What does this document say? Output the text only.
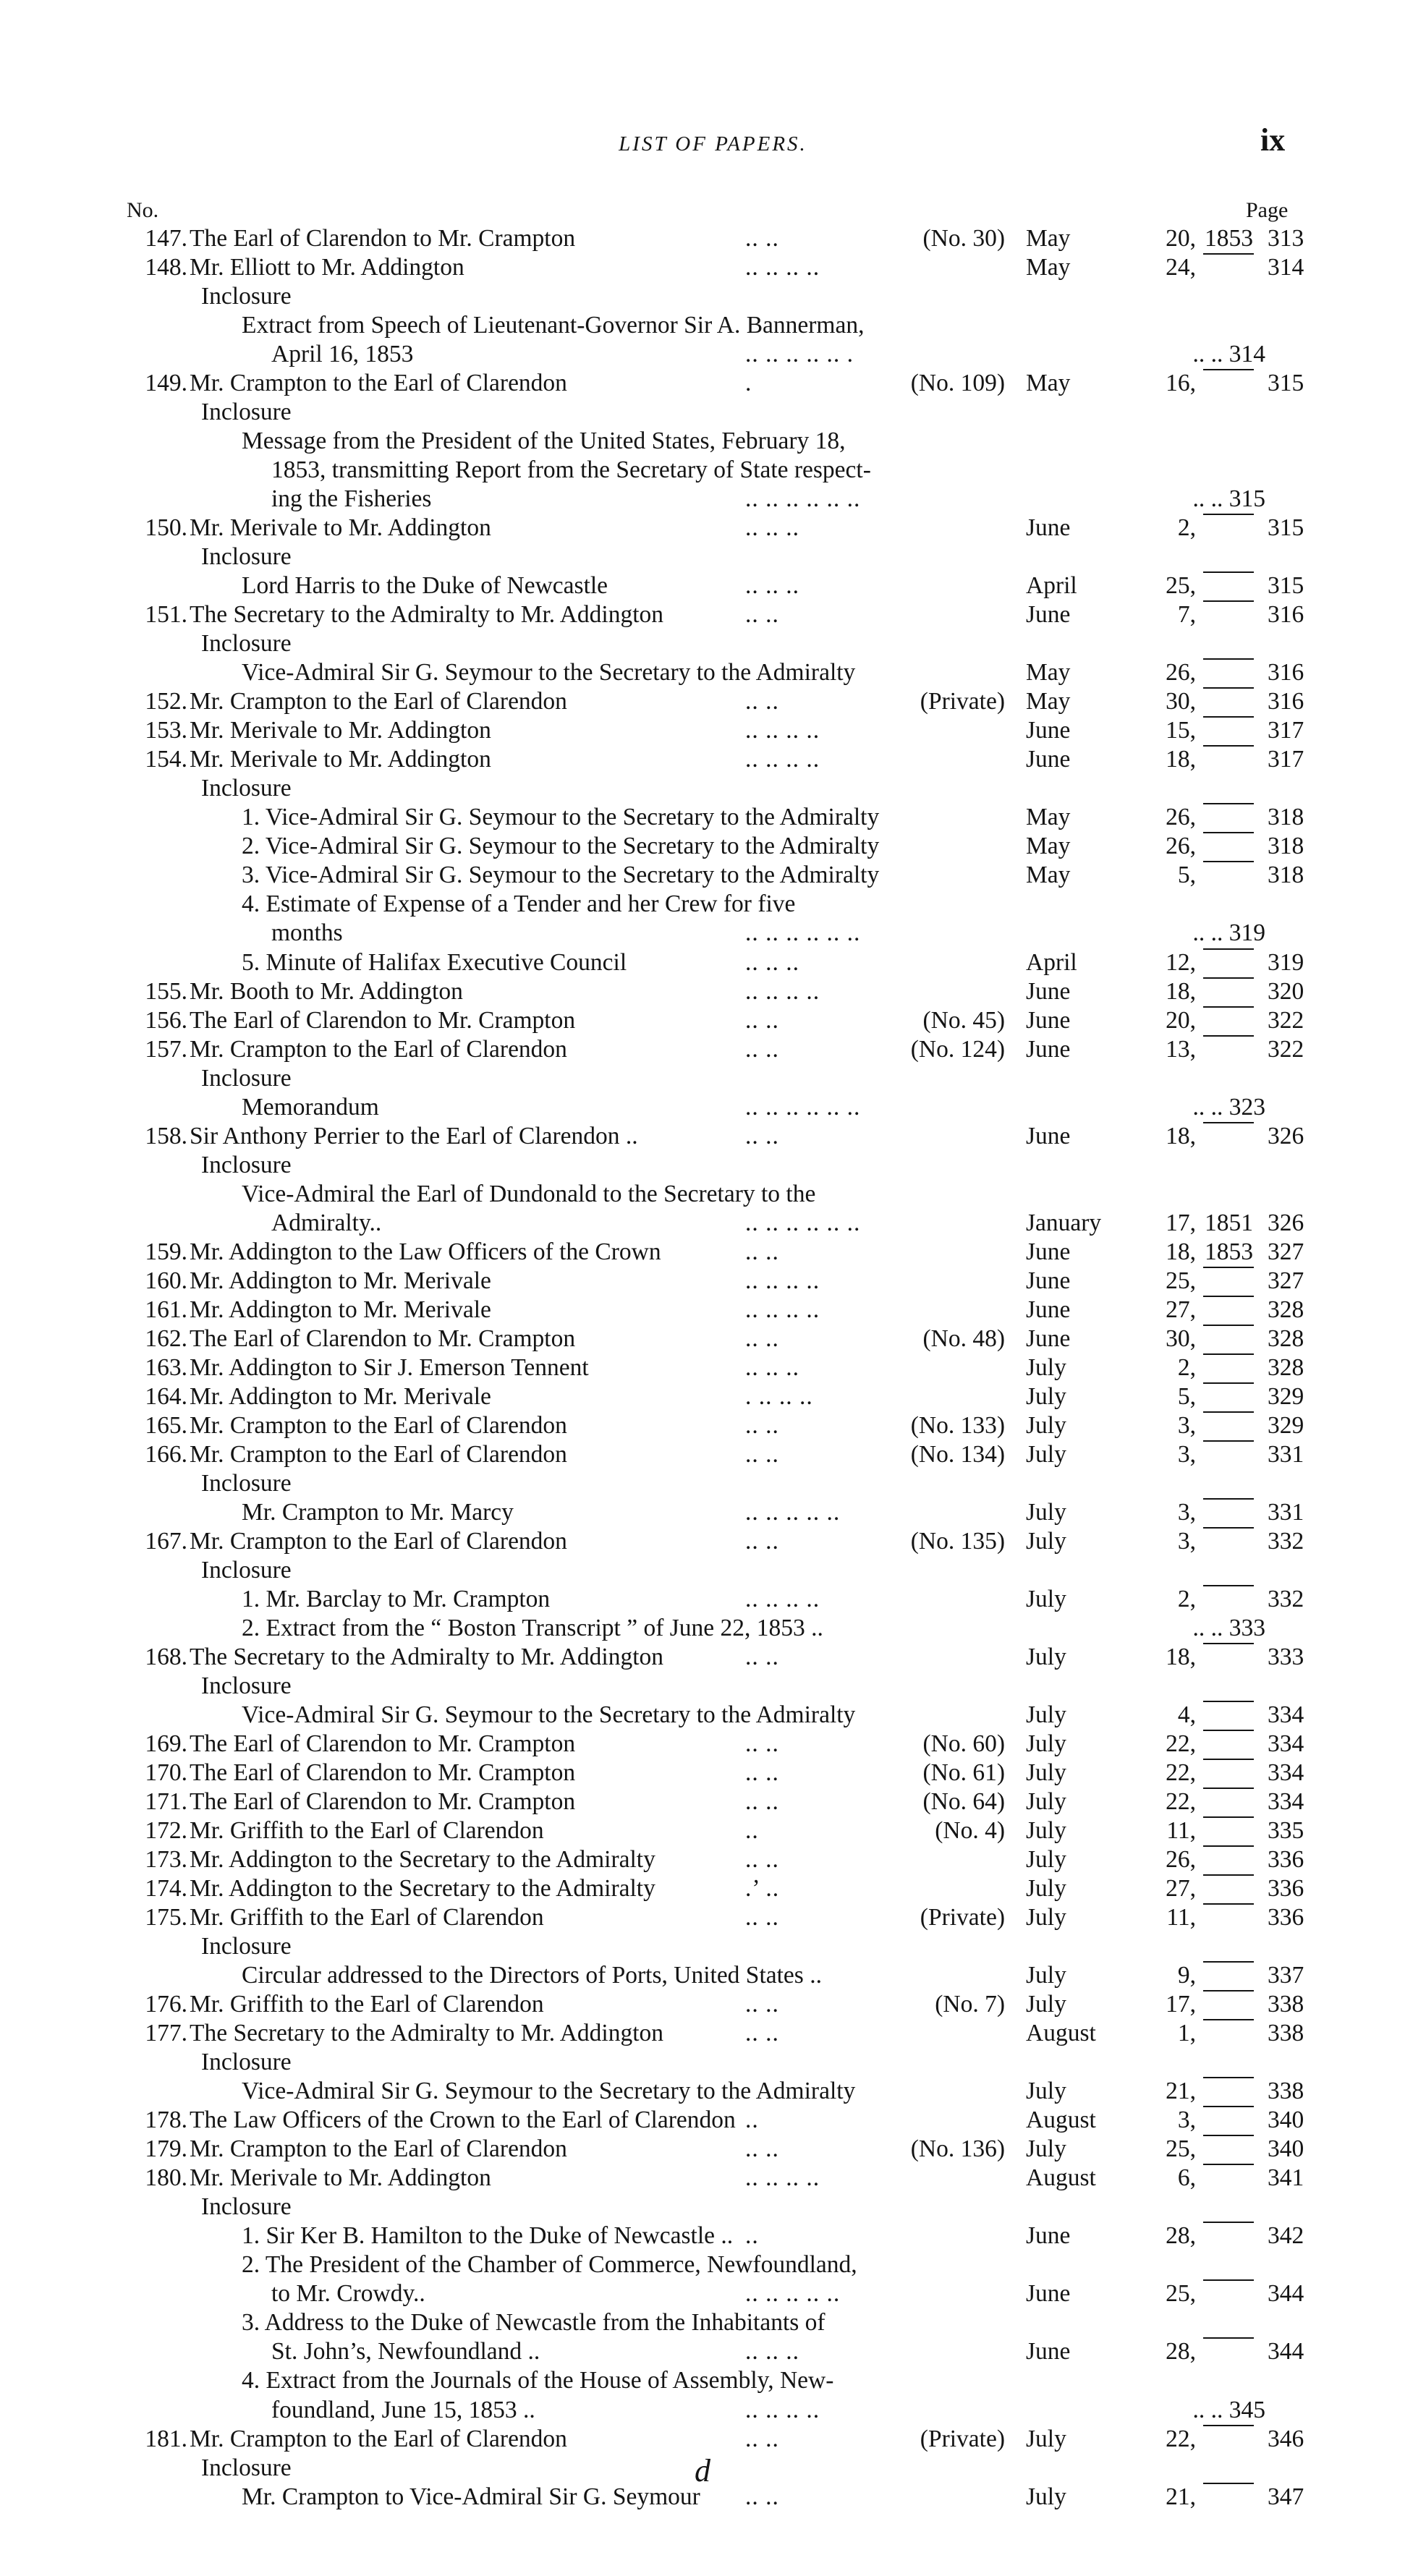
LIST OF PAPERS.	ix
No.	Page
147. The Earl of Clarendon to Mr. Crampton	.. ..	(No. 30) May	20, 1853 313
148. Mr. Elliott to Mr. Addington	.. .. .. ..	May	24,	314
Inclosure
Extract from Speech of Lieutenant-Governor Sir A. Bannerman,
April 16, 1853	.. .. .. .. .. .	.. .. 314
149. Mr. Crampton to the Earl of Clarendon	.	(No. 109) May	16,	315
Inclosure
Message from the President of the United States, February 18,
1853, transmitting Report from the Secretary of State respect-
ing the Fisheries	.. .. .. .. .. ..	.. .. 315
150. Mr. Merivale to Mr. Addington	.. .. ..	June	2,	315
Inclosure
Lord Harris to the Duke of Newcastle	.. .. ..	April	25,	315
151. The Secretary to the Admiralty to Mr. Addington	.. ..	June	7,	316
Inclosure
Vice-Admiral Sir G. Seymour to the Secretary to the Admiralty	May	26,	316
152. Mr. Crampton to the Earl of Clarendon	.. ..	(Private) May	30,	316
153. Mr. Merivale to Mr. Addington	.. .. .. ..	June	15,	317
154. Mr. Merivale to Mr. Addington	.. .. .. ..	June	18,	317
Inclosure
1. Vice-Admiral Sir G. Seymour to the Secretary to the Admiralty	May	26,	318
2. Vice-Admiral Sir G. Seymour to the Secretary to the Admiralty	May	26,	318
3. Vice-Admiral Sir G. Seymour to the Secretary to the Admiralty	May	5,	318
4. Estimate of Expense of a Tender and her Crew for five
months	.. .. .. .. .. ..	.. .. 319
5. Minute of Halifax Executive Council	.. .. ..	April	12,	319
155. Mr. Booth to Mr. Addington	.. .. .. ..	June	18,	320
156. The Earl of Clarendon to Mr. Crampton	.. ..	(No. 45) June	20,	322
157. Mr. Crampton to the Earl of Clarendon	.. ..	(No. 124) June	13,	322
Inclosure
Memorandum	.. .. .. .. .. ..	.. .. 323
158. Sir Anthony Perrier to the Earl of Clarendon ..	.. ..	June	18,	326
Inclosure
Vice-Admiral the Earl of Dundonald to the Secretary to the
Admiralty..	.. .. .. .. .. ..	January	17, 1851 326
159. Mr. Addington to the Law Officers of the Crown	.. ..	June	18, 1853 327
160. Mr. Addington to Mr. Merivale	.. .. .. ..	June	25,	327
161. Mr. Addington to Mr. Merivale	.. .. .. ..	June	27,	328
162. The Earl of Clarendon to Mr. Crampton	.. ..	(No. 48) June	30,	328
163. Mr. Addington to Sir J. Emerson Tennent	.. .. ..	July	2,	328
164. Mr. Addington to Mr. Merivale	. .. .. ..	July	5,	329
165. Mr. Crampton to the Earl of Clarendon	.. ..	(No. 133) July	3,	329
166. Mr. Crampton to the Earl of Clarendon	.. ..	(No. 134) July	3,	331
Inclosure
Mr. Crampton to Mr. Marcy	.. .. .. .. ..	July	3,	331
167. Mr. Crampton to the Earl of Clarendon	.. ..	(No. 135) July	3,	332
Inclosure
1. Mr. Barclay to Mr. Crampton	.. .. .. ..	July	2,	332
2. Extract from the “ Boston Transcript ” of June 22, 1853 ..	.. .. 333
168. The Secretary to the Admiralty to Mr. Addington	.. ..	July	18,	333
Inclosure
Vice-Admiral Sir G. Seymour to the Secretary to the Admiralty	July	4,	334
169. The Earl of Clarendon to Mr. Crampton	.. ..	(No. 60) July	22,	334
170. The Earl of Clarendon to Mr. Crampton	.. ..	(No. 61) July	22,	334
171. The Earl of Clarendon to Mr. Crampton	.. ..	(No. 64) July	22,	334
172. Mr. Griffith to the Earl of Clarendon	..	(No. 4) July	11,	335
173. Mr. Addington to the Secretary to the Admiralty	.. ..	July	26,	336
174. Mr. Addington to the Secretary to the Admiralty	.’ ..	July	27,	336
175. Mr. Griffith to the Earl of Clarendon	.. ..	(Private) July	11,	336
Inclosure
Circular addressed to the Directors of Ports, United States ..	July	9,	337
176. Mr. Griffith to the Earl of Clarendon	.. ..	(No. 7) July	17,	338
177. The Secretary to the Admiralty to Mr. Addington	.. ..	August	1,	338
Inclosure
Vice-Admiral Sir G. Seymour to the Secretary to the Admiralty	July	21,	338
178. The Law Officers of the Crown to the Earl of Clarendon ..	August	3,	340
179. Mr. Crampton to the Earl of Clarendon	.. ..	(No. 136) July	25,	340
180. Mr. Merivale to Mr. Addington	.. .. .. ..	August	6,	341
Inclosure
1. Sir Ker B. Hamilton to the Duke of Newcastle .. ..	June	28,	342
2. The President of the Chamber of Commerce, Newfoundland,
to Mr. Crowdy..	.. .. .. .. ..	June	25,	344
3. Address to the Duke of Newcastle from the Inhabitants of
St. John’s, Newfoundland ..	.. .. ..	June	28,	344
4. Extract from the Journals of the House of Assembly, New-
foundland, June 15, 1853 ..	.. .. .. ..	.. .. 345
181. Mr. Crampton to the Earl of Clarendon	.. ..	(Private) July	22,	346
Inclosure
Mr. Crampton to Vice-Admiral Sir G. Seymour .. ..	July	21,	347
d
